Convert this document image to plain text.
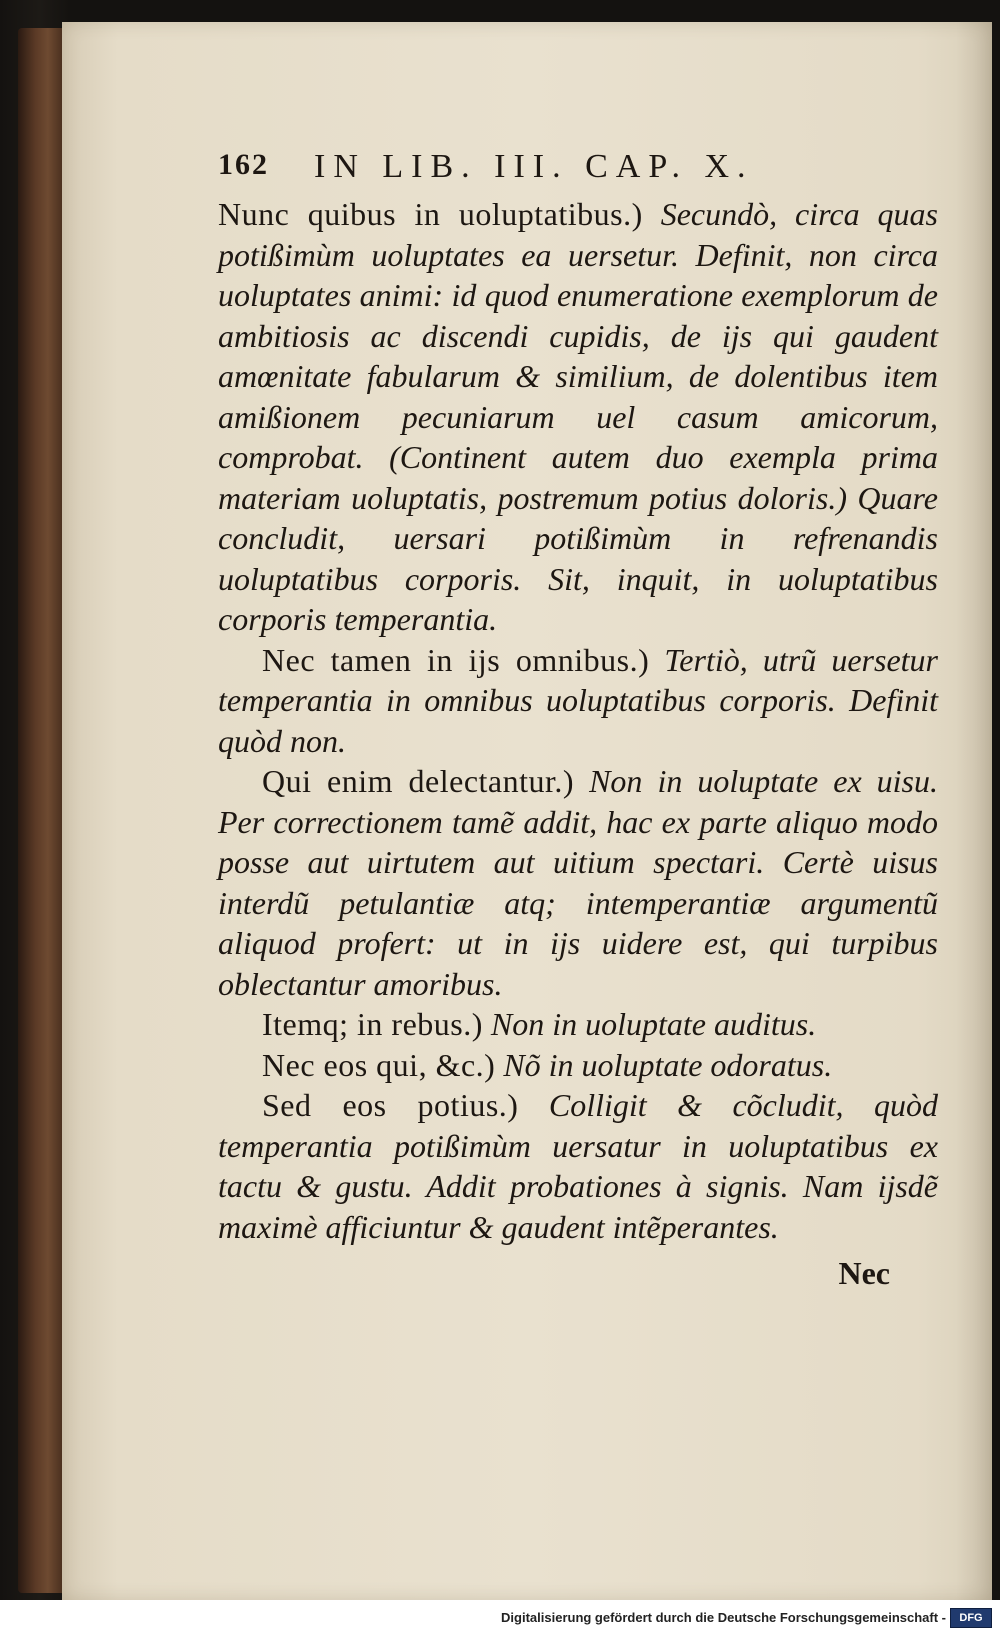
162 IN LIB. III. CAP. X.

Nunc quibus in uoluptatibus.) Secundò, circa quas potißimùm uoluptates ea uersetur. Definit, non circa uoluptates animi: id quod enumeratione exemplorum de ambitiosis ac discendi cupidis, de ijs qui gaudent amœnitate fabularum & similium, de dolentibus item amißionem pecuniarum uel casum amicorum, comprobat. (Continent autem duo exempla prima materiam uoluptatis, postremum potius doloris.) Quare concludit, uersari potißimùm in refrenandis uoluptatibus corporis. Sit, inquit, in uoluptatibus corporis temperantia.

Nec tamen in ijs omnibus.) Tertiò, utrũ uersetur temperantia in omnibus uoluptatibus corporis. Definit quòd non.

Qui enim delectantur.) Non in uoluptate ex uisu. Per correctionem tamẽ addit, hac ex parte aliquo modo posse aut uirtutem aut uitium spectari. Certè uisus interdũ petulantiæ atq; intemperantiæ argumentũ aliquod profert: ut in ijs uidere est, qui turpibus oblectantur amoribus.

Itemq; in rebus.) Non in uoluptate auditus.

Nec eos qui, &c.) Nõ in uoluptate odoratus.

Sed eos potius.) Colligit & cõcludit, quòd temperantia potißimùm uersatur in uoluptatibus ex tactu & gustu. Addit probationes à signis. Nam ijsdẽ maximè afficiuntur & gaudent intẽperantes.

Nec
Digitalisierung gefördert durch die Deutsche Forschungsgemeinschaft -	DFG
